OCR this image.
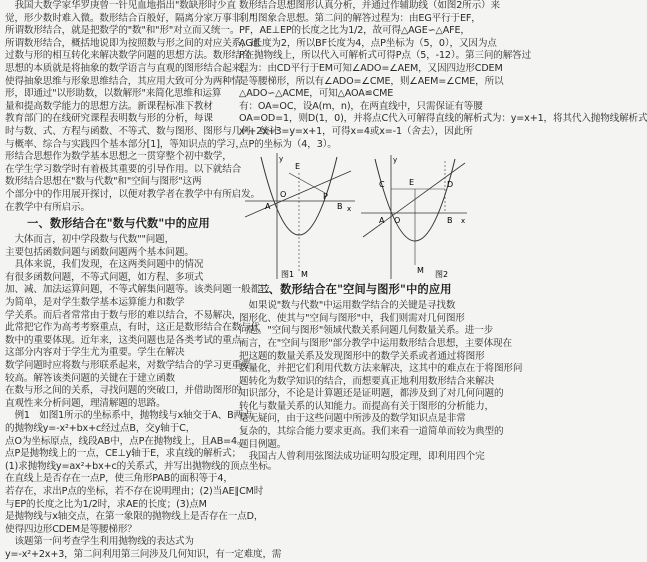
　我国大数学家华罗庚曾一针见血地指出"数缺形时少直
觉，形少数时难入微。数形结合百般好，隔离分家万事非。"
所谓数形结合，就是把数学的"数"和"形"对立而又统一。
所谓数形结合，概括地说即为按照数与形之间的对应关系，通
过数与形的相互转化来解决数学问题的思想方法。数形结合
思想的本质就是将抽象的数学语言与直观的图形结合起来，
使得抽象思维与形象思维结合，其应用大致可分为两种情
形，即通过"以形助数，以数解形"来简化思维和运算
量和提高数学能力的思想方法。新课程标准下教材
教育部门的在线研究课程表明数与形的分析，每课
时与数、式、方程与函数、不等式、数与图形、图形与几何、统计
与概率、综合与实践四个基本部分[1]，等知识点的学习，
形结合思想作为数学基本思想之一贯穿整个初中数学，
在学生学习数学时有着极其重要的引导作用。以下就结合
数形结合思想在"数与代数"和"空间与图形"这两
个部分中的作用展开探讨，以便对教学者在教学中有所启发。
在教学中有所启示。
一、数形结合在"数与代数"中的应用
　大体而言，初中学段数与代数""问题，
主要包括函数问题与函数问题两个基本问题。
　具体来说，我们发现，在这两类问题中的情况
有很多函数问题，不等式问题，如方程、多项式
加、减、加法运算问题，不等式解集问题等。该类问题一般都较
为简单，是对学生数学基本运算能力和数学
学关系。而后者常常由于数与形的难以结合，不易解决，
此常把它作为高考考察重点，有时，这正是数形结合在数与代
数中的重要体现。近年来，这类问题也是各类考试的重点。
这部分内容对于学生尤为重要。学生在解决
数学问题时应将数与形联系起来，对数学结合的学习更重要。
较高。解答该类问题的关键在于建立函数
在数与形之间的关系，寻找问题的突破口，并借助图形的
直观性来分析问题，理清解题的思路。
　例1　如图1所示的坐标系中，抛物线与x轴交于A、B两点
的抛物线y=-x²+bx+c经过点B，交y轴于C，
点O为坐标原点，线段AB中，点P在抛物线上，且AB=4。
点P是抛物线上的一点，CE⊥y轴于E，求直线的解析式；
(1)求抛物线y=ax²+bx+c的关系式，并写出抛物线的顶点坐标。
在直线上是否存在一点P，使三角形PAB的面积等于4，
若存在，求出P点的坐标，若不存在说明理由；(2)当AE∥CM时
与EP的长度之比为1/2时，求AE的长度；(3)点M
是抛物线与x轴交点，在第一象限的抛物线上是否存在一点D，
使得四边形CDEM是等腰梯形？
　该题第一问考查学生利用抛物线的表达式为
y=-x²+2x+3，第二问利用第三问涉及几何知识，有一定难度，需
数形结合思想图形认真分析，并通过作辅助线（如图2所示）来
利用图象合思想。第二问的解答过程为：由EG平行于EF，
PF，AE⊥EP的长度之比为1/2，故可得△AGE∽△AFE，
AG长度为2，所以BF长度为4，点P坐标为（5，0），又因为点
P在抛物线上，所以代入可解析式可得P点（5，-12）。第三问的解答过
程为：由CD平行于EM可知∠ADO=∠AEM，又因四边形CDEM
是等腰梯形，所以有∠ADO=∠CME，则∠AEM=∠CME，所以
△ADO∽△ACME，可知△AOA≌CME
有：OA=OC，设A(m，n)，在两直线中，只需保证有等腰
OA=OD=1，则D(1，0)，并将点C代入可解得直线的解析式为：y=x+1，将其代入抛物线解析式
x²+2x+3=y=x+1，可得x=4或x=-1（舍去），因此所
点P的坐标为（4，3）。
E
P
A	B
O
M
x
y
图1
C	D
E
A	B
O
M
x
y
图2
二、数形结合在"空间与图形"中的应用
　如果说"数与代数"中运用数学结合的关键是寻找数
图形化、使其与"空间与图形"中，我们则需对几何图形
问题。"空间与图形"领域代数关系问题几何数量关系。进一步
而言，在"空间与图形"部分教学中运用数形结合思想，主要体现在
把这题的数量关系及发现图形中的数学关系或者通过将图形
数量化，并把它们利用代数方法来解决，这其中的难点在于将图形问
题转化为数学知识的结合，而想要真正地利用数形结合来解决
知识部分，不论是计算题还是证明题，都涉及到了对几何问题的
转化与数量关系的认知能力。而提高有关于图形的分析能力，
毫无疑问，由于这些问题中所涉及的数学知识点是非常
复杂的，其综合能力要求更高。我们来看一道简单而较为典型的
题目例题。
　我国古人曾利用弦图法成功证明勾股定理，即利用四个完
